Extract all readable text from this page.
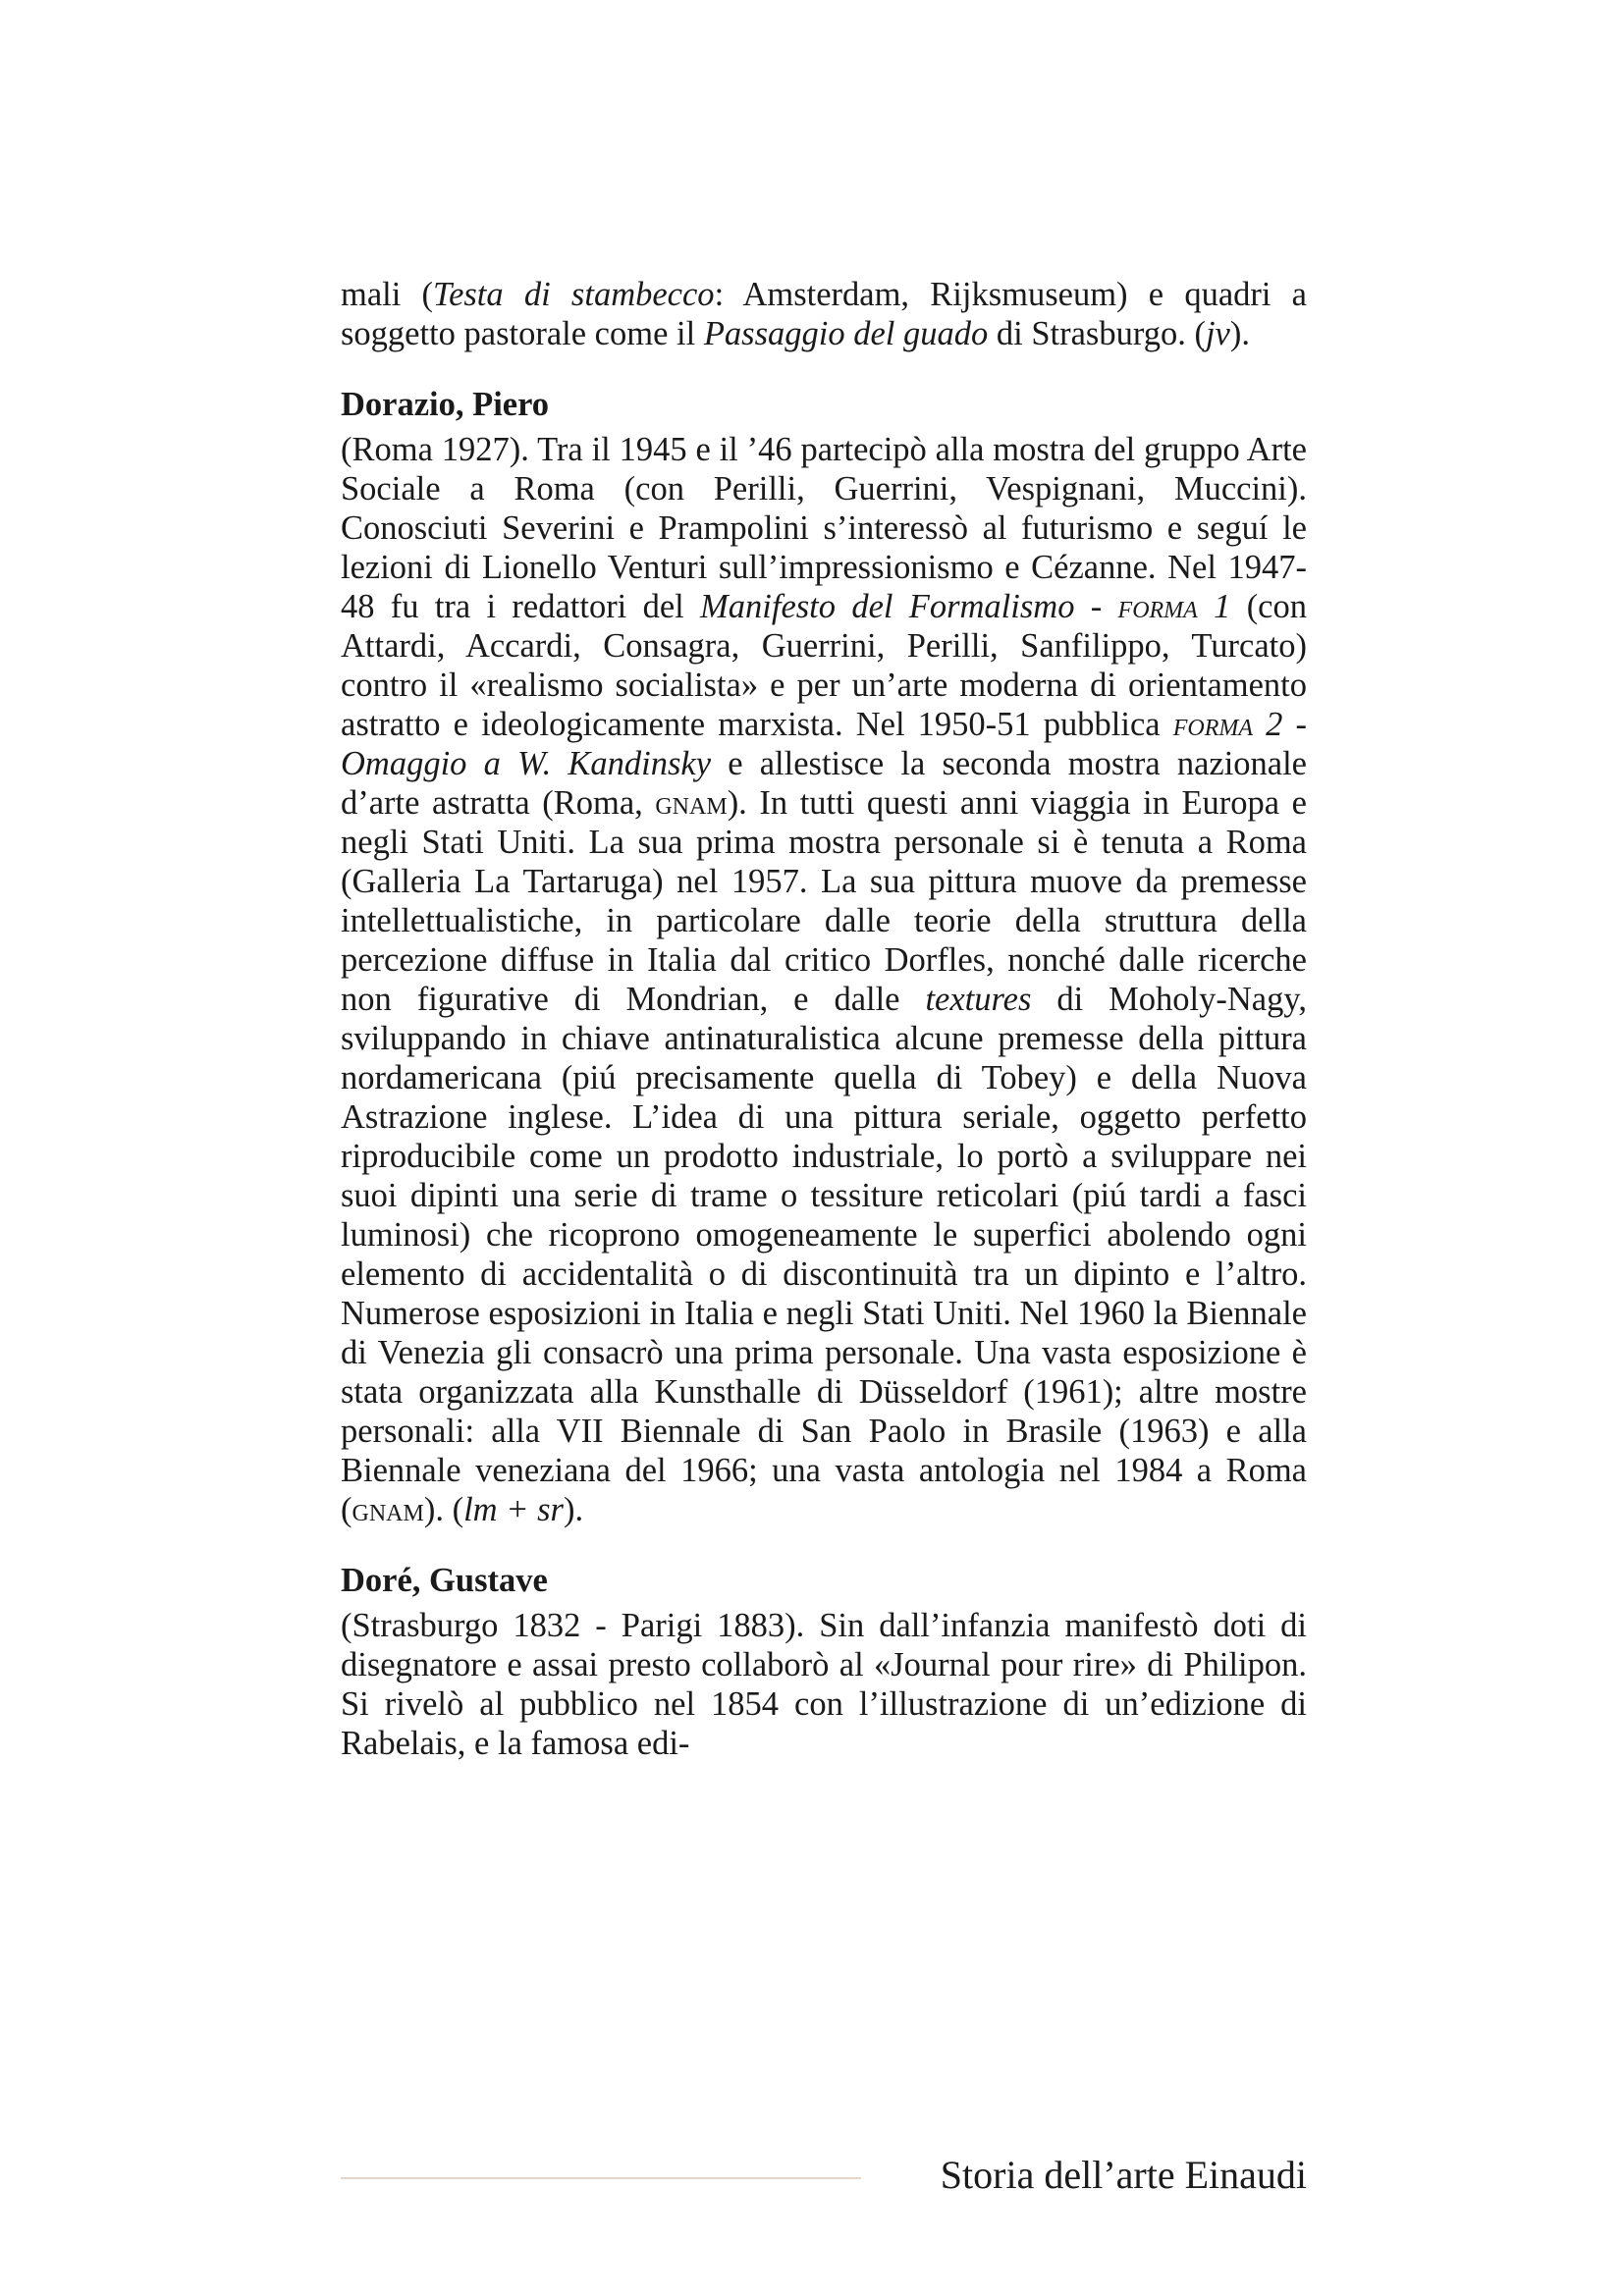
mali (Testa di stambecco: Amsterdam, Rijksmuseum) e quadri a soggetto pastorale come il Passaggio del guado di Strasburgo. (jv).

Dorazio, Piero

(Roma 1927). Tra il 1945 e il ’46 partecipò alla mostra del gruppo Arte Sociale a Roma (con Perilli, Guerrini, Vespignani, Muccini). Conosciuti Severini e Prampolini s’interessò al futurismo e seguí le lezioni di Lionello Venturi sull’impressionismo e Cézanne. Nel 1947-48 fu tra i redattori del Manifesto del Formalismo - forma 1 (con Attardi, Accardi, Consagra, Guerrini, Perilli, Sanfilippo, Turcato) contro il «realismo socialista» e per un’arte moderna di orientamento astratto e ideologicamente marxista. Nel 1950-51 pubblica forma 2 - Omaggio a W. Kandinsky e allestisce la seconda mostra nazionale d’arte astratta (Roma, gnam). In tutti questi anni viaggia in Europa e negli Stati Uniti. La sua prima mostra personale si è tenuta a Roma (Galleria La Tartaruga) nel 1957. La sua pittura muove da premesse intellettualistiche, in particolare dalle teorie della struttura della percezione diffuse in Italia dal critico Dorfles, nonché dalle ricerche non figurative di Mondrian, e dalle textures di Moholy-Nagy, sviluppando in chiave antinaturalistica alcune premesse della pittura nordamericana (piú precisamente quella di Tobey) e della Nuova Astrazione inglese. L’idea di una pittura seriale, oggetto perfetto riproducibile come un prodotto industriale, lo portò a sviluppare nei suoi dipinti una serie di trame o tessiture reticolari (piú tardi a fasci luminosi) che ricoprono omogeneamente le superfici abolendo ogni elemento di accidentalità o di discontinuità tra un dipinto e l’altro. Numerose esposizioni in Italia e negli Stati Uniti. Nel 1960 la Biennale di Venezia gli consacrò una prima personale. Una vasta esposizione è stata organizzata alla Kunsthalle di Düsseldorf (1961); altre mostre personali: alla VII Biennale di San Paolo in Brasile (1963) e alla Biennale veneziana del 1966; una vasta antologia nel 1984 a Roma (gnam). (lm + sr).

Doré, Gustave

(Strasburgo 1832 - Parigi 1883). Sin dall’infanzia manifestò doti di disegnatore e assai presto collaborò al «Journal pour rire» di Philipon. Si rivelò al pubblico nel 1854 con l’illustrazione di un’edizione di Rabelais, e la famosa edi-

Storia dell’arte Einaudi
